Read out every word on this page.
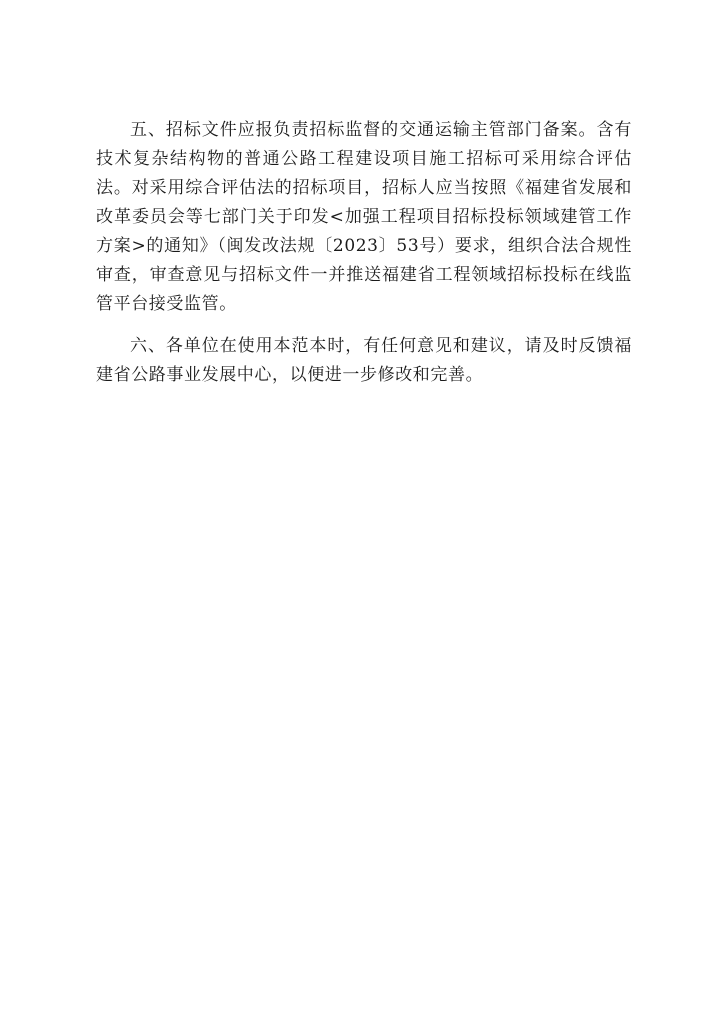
五、招标文件应报负责招标监督的交通运输主管部门备案。含有技术复杂结构物的普通公路工程建设项目施工招标可采用综合评估法。对采用综合评估法的招标项目，招标人应当按照《福建省发展和改革委员会等七部门关于印发<加强工程项目招标投标领域建管工作方案>的通知》（闽发改法规〔2023〕53号）要求，组织合法合规性审查，审查意见与招标文件一并推送福建省工程领域招标投标在线监管平台接受监管。

六、各单位在使用本范本时，有任何意见和建议，请及时反馈福建省公路事业发展中心，以便进一步修改和完善。
